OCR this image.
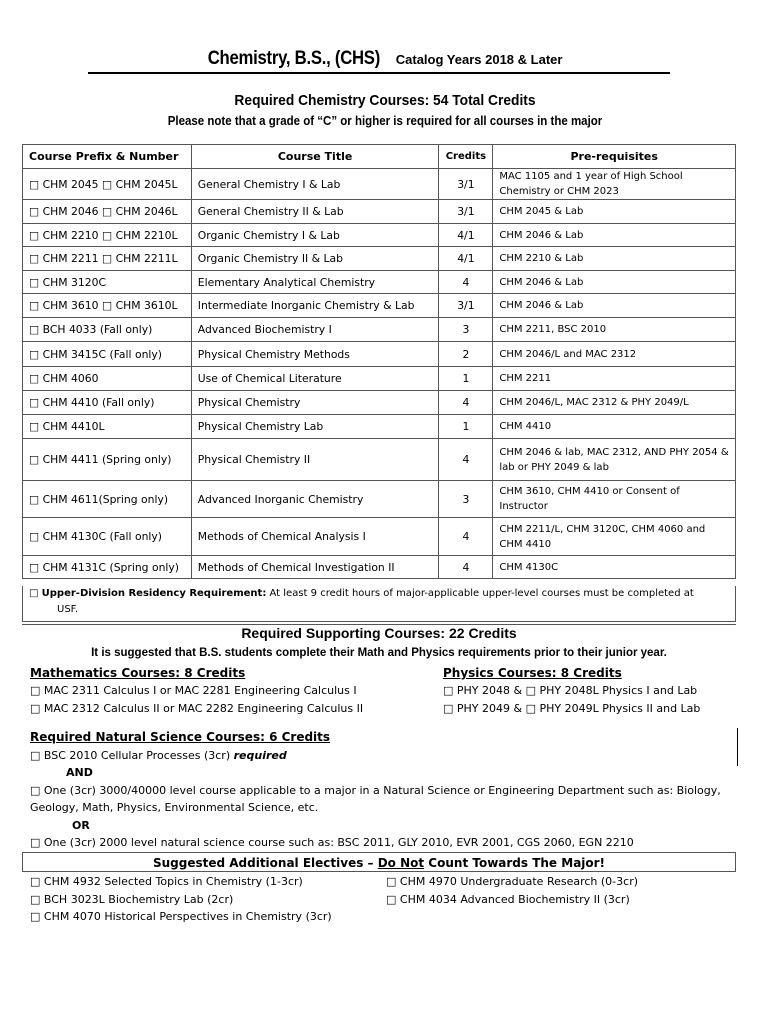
Chemistry, B.S., (CHS) Catalog Years 2018 & Later
Required Chemistry Courses: 54 Total Credits
Please note that a grade of “C” or higher is required for all courses in the major
Course Prefix & Number	Course Title	Credits	Pre-requisites
□ CHM 2045 □ CHM 2045L	General Chemistry I & Lab	3/1	MAC 1105 and 1 year of High School Chemistry or CHM 2023
□ CHM 2046 □ CHM 2046L	General Chemistry II & Lab	3/1	CHM 2045 & Lab
□ CHM 2210 □ CHM 2210L	Organic Chemistry I & Lab	4/1	CHM 2046 & Lab
□ CHM 2211 □ CHM 2211L	Organic Chemistry II & Lab	4/1	CHM 2210 & Lab
□ CHM 3120C	Elementary Analytical Chemistry	4	CHM 2046 & Lab
□ CHM 3610 □ CHM 3610L	Intermediate Inorganic Chemistry & Lab	3/1	CHM 2046 & Lab
□ BCH 4033 (Fall only)	Advanced Biochemistry I	3	CHM 2211, BSC 2010
□ CHM 3415C (Fall only)	Physical Chemistry Methods	2	CHM 2046/L and MAC 2312
□ CHM 4060	Use of Chemical Literature	1	CHM 2211
□ CHM 4410 (Fall only)	Physical Chemistry	4	CHM 2046/L, MAC 2312 & PHY 2049/L
□ CHM 4410L	Physical Chemistry Lab	1	CHM 4410
□ CHM 4411 (Spring only)	Physical Chemistry II	4	CHM 2046 & lab, MAC 2312, AND PHY 2054 & lab or PHY 2049 & lab
□ CHM 4611(Spring only)	Advanced Inorganic Chemistry	3	CHM 3610, CHM 4410 or Consent of Instructor
□ CHM 4130C (Fall only)	Methods of Chemical Analysis I	4	CHM 2211/L, CHM 3120C, CHM 4060 and CHM 4410
□ CHM 4131C (Spring only)	Methods of Chemical Investigation II	4	CHM 4130C
□ Upper-Division Residency Requirement: At least 9 credit hours of major-applicable upper-level courses must be completed at
USF.
Required Supporting Courses: 22 Credits
It is suggested that B.S. students complete their Math and Physics requirements prior to their junior year.
Mathematics Courses: 8 Credits
□ MAC 2311 Calculus I or MAC 2281 Engineering Calculus I
□ MAC 2312 Calculus II or MAC 2282 Engineering Calculus II
Physics Courses: 8 Credits
□ PHY 2048 & □ PHY 2048L Physics I and Lab
□ PHY 2049 & □ PHY 2049L Physics II and Lab
Required Natural Science Courses: 6 Credits
□ BSC 2010 Cellular Processes (3cr) required
AND
□ One (3cr) 3000/40000 level course applicable to a major in a Natural Science or Engineering Department such as: Biology,
Geology, Math, Physics, Environmental Science, etc.
OR
□ One (3cr) 2000 level natural science course such as: BSC 2011, GLY 2010, EVR 2001, CGS 2060, EGN 2210
Suggested Additional Electives – Do Not Count Towards The Major!
□ CHM 4932 Selected Topics in Chemistry (1-3cr)
□ BCH 3023L Biochemistry Lab (2cr)
□ CHM 4070 Historical Perspectives in Chemistry (3cr)
□ CHM 4970 Undergraduate Research (0-3cr)
□ CHM 4034 Advanced Biochemistry II (3cr)
